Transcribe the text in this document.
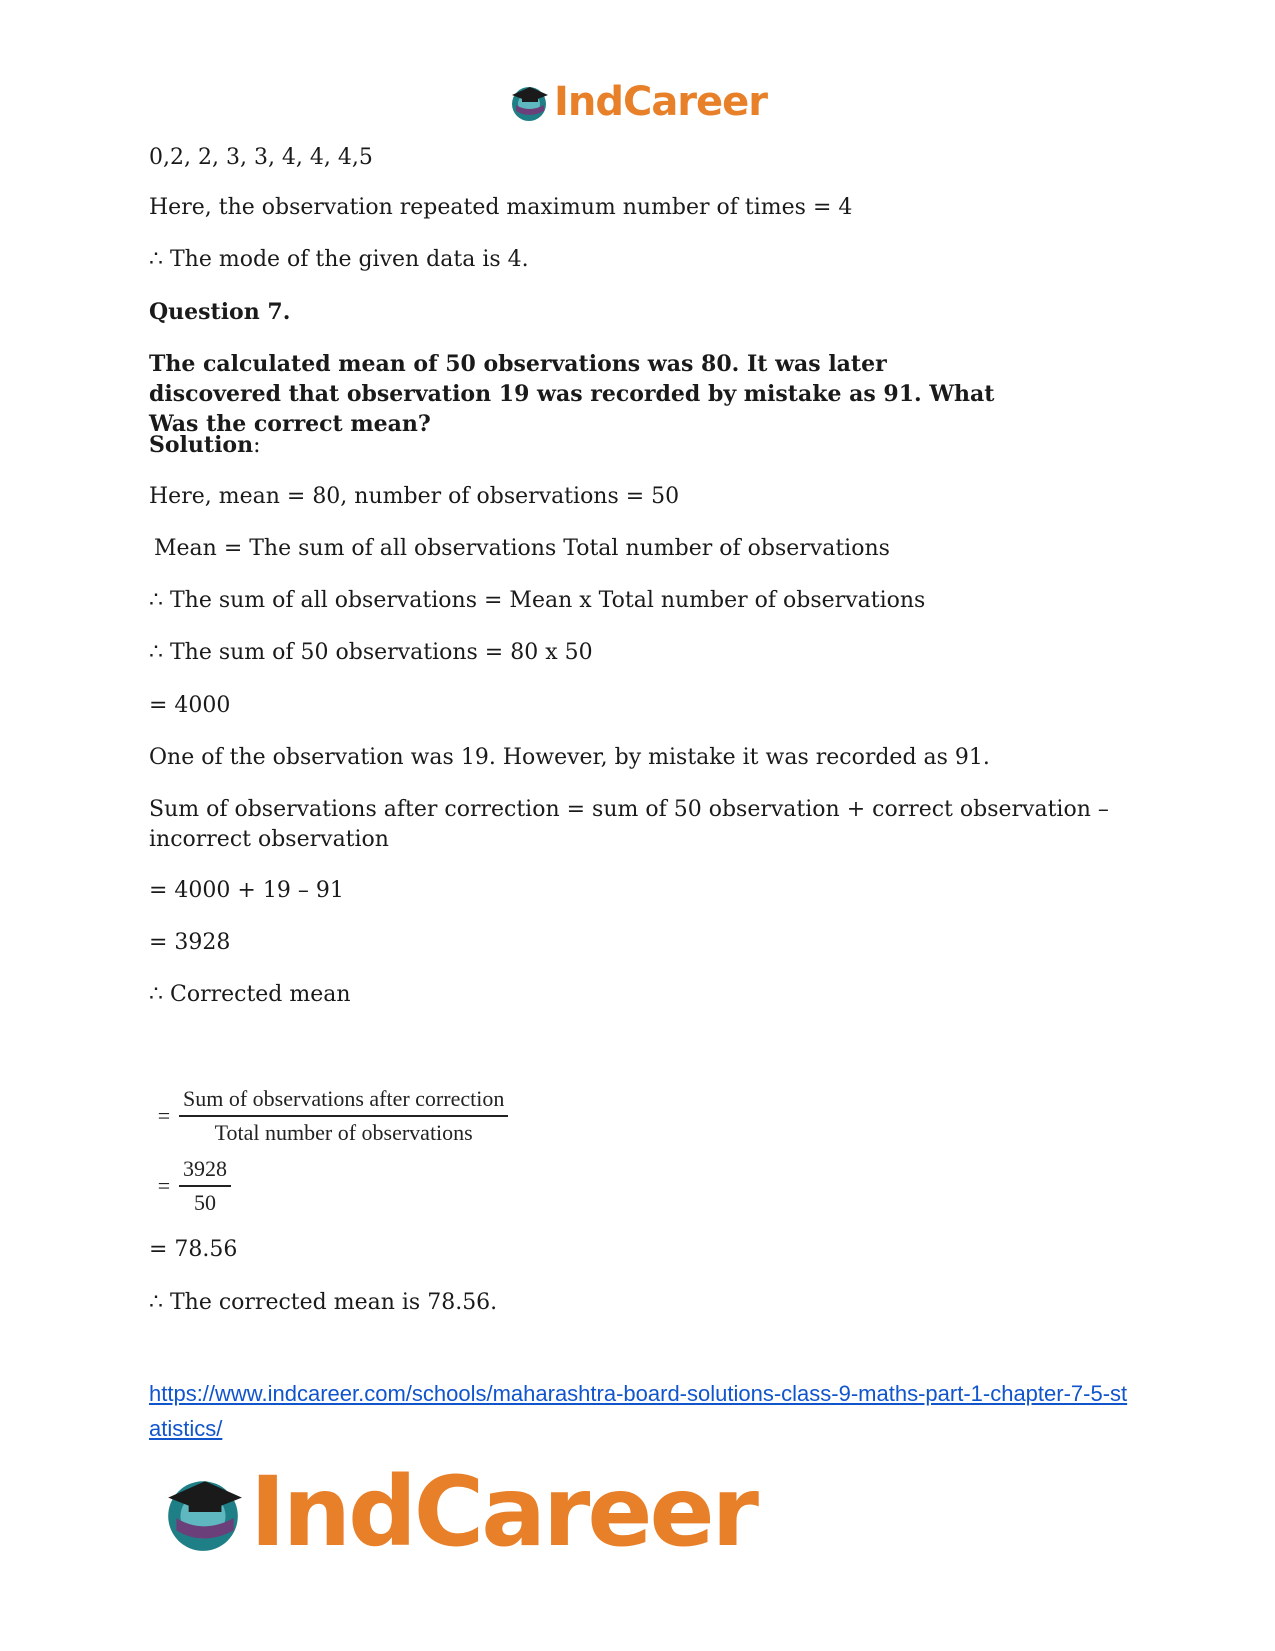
IndCareer

0,2, 2, 3, 3, 4, 4, 4,5

Here, the observation repeated maximum number of times = 4

∴ The mode of the given data is 4.

Question 7.

The calculated mean of 50 observations was 80. It was later discovered that observation 19 was recorded by mistake as 91. What Was the correct mean?

Solution:

Here, mean = 80, number of observations = 50

Mean = The sum of all observations Total number of observations

∴ The sum of all observations = Mean x Total number of observations

∴ The sum of 50 observations = 80 x 50

= 4000

One of the observation was 19. However, by mistake it was recorded as 91.

Sum of observations after correction = sum of 50 observation + correct observation – incorrect observation

= 4000 + 19 – 91

= 3928

∴ Corrected mean

= $\frac{\text{Sum of observations after correction}}{\text{Total number of observations}}$
= $\frac{3928}{50}$

= 78.56

∴ The corrected mean is 78.56.

https://www.indcareer.com/schools/maharashtra-board-solutions-class-9-maths-part-1-chapter-7-5-statistics/
IndCareer
